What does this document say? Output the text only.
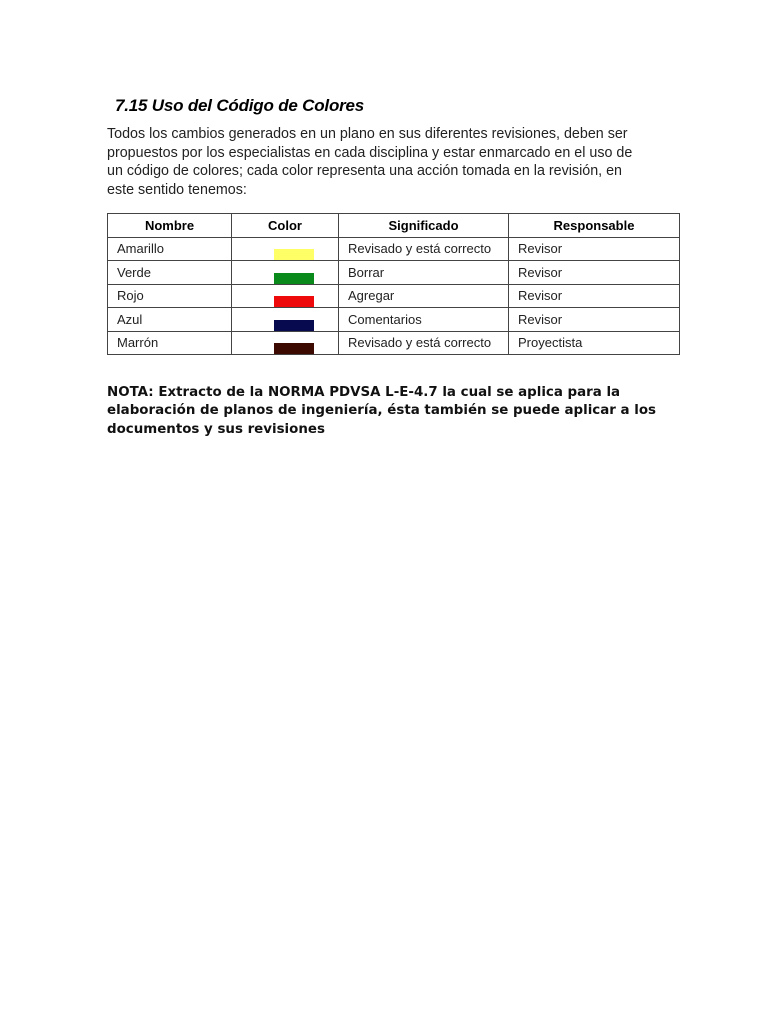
7.15 Uso del Código de Colores

Todos los cambios generados en un plano en sus diferentes revisiones, deben ser propuestos por los especialistas en cada disciplina y estar enmarcado en el uso de un código de colores; cada color representa una acción tomada en la revisión, en este sentido tenemos:

Nombre	Color	Significado	Responsable
Amarillo		Revisado y está correcto	Revisor
Verde		Borrar	Revisor
Rojo		Agregar	Revisor
Azul		Comentarios	Revisor
Marrón		Revisado y está correcto	Proyectista

NOTA: Extracto de la NORMA PDVSA L-E-4.7 la cual se aplica para la elaboración de planos de ingeniería, ésta también se puede aplicar a los documentos y sus revisiones
